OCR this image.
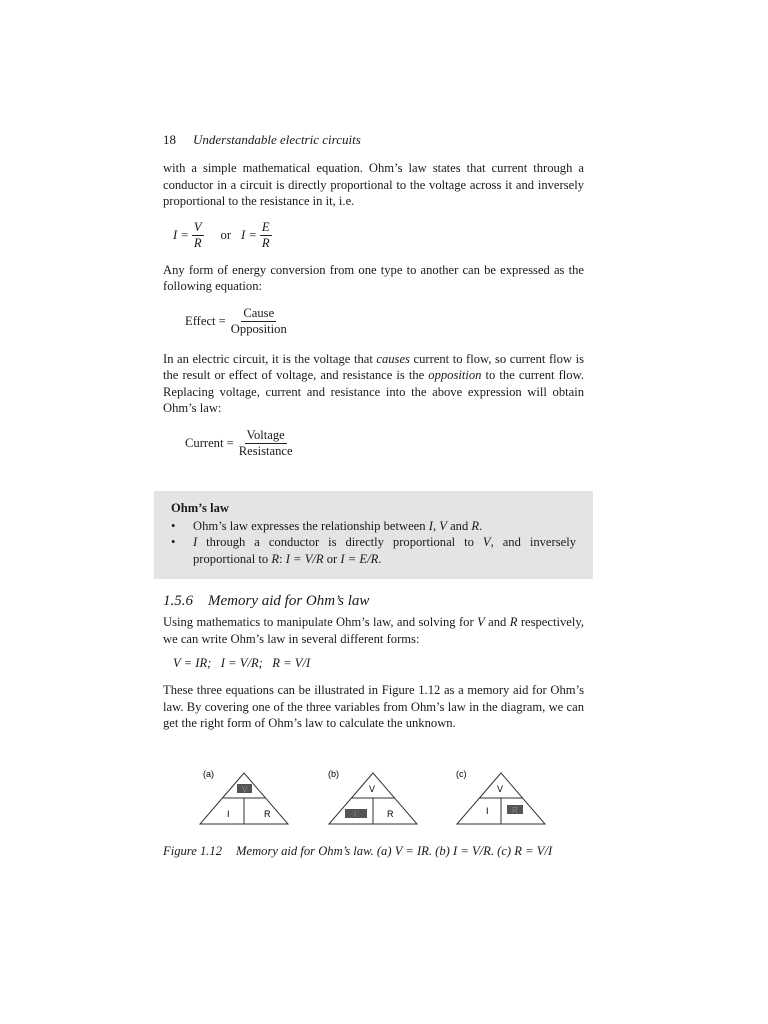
18 Understandable electric circuits

with a simple mathematical equation. Ohm’s law states that current through a conductor in a circuit is directly proportional to the voltage across it and inversely proportional to the resistance in it, i.e.

$I = \frac{V}{R}$ or $I = \frac{E}{R}$

Any form of energy conversion from one type to another can be expressed as the following equation:

Effect = $\frac{\text{Cause}}{\text{Opposition}}$

In an electric circuit, it is the voltage that causes current to flow, so current flow is the result or effect of voltage, and resistance is the opposition to the current flow. Replacing voltage, current and resistance into the above expression will obtain Ohm’s law:

Current = $\frac{\text{Voltage}}{\text{Resistance}}$
Ohm’s law
• Ohm’s law expresses the relationship between I, V and R.
• I through a conductor is directly proportional to V, and inversely proportional to R: I = V/R or I = E/R.
1.5.6 Memory aid for Ohm’s law

Using mathematics to manipulate Ohm’s law, and solving for V and R respectively, we can write Ohm’s law in several different forms:

V = IR;   I = V/R;   R = V/I

These three equations can be illustrated in Figure 1.12 as a memory aid for Ohm’s law. By covering one of the three variables from Ohm’s law in the diagram, we can get the right form of Ohm’s law to calculate the unknown.

(a)
V
I	R
(b)
V
I	R
(c)
V
I	R
Figure 1.12 Memory aid for Ohm’s law. (a) V = IR. (b) I = V/R. (c) R = V/I
